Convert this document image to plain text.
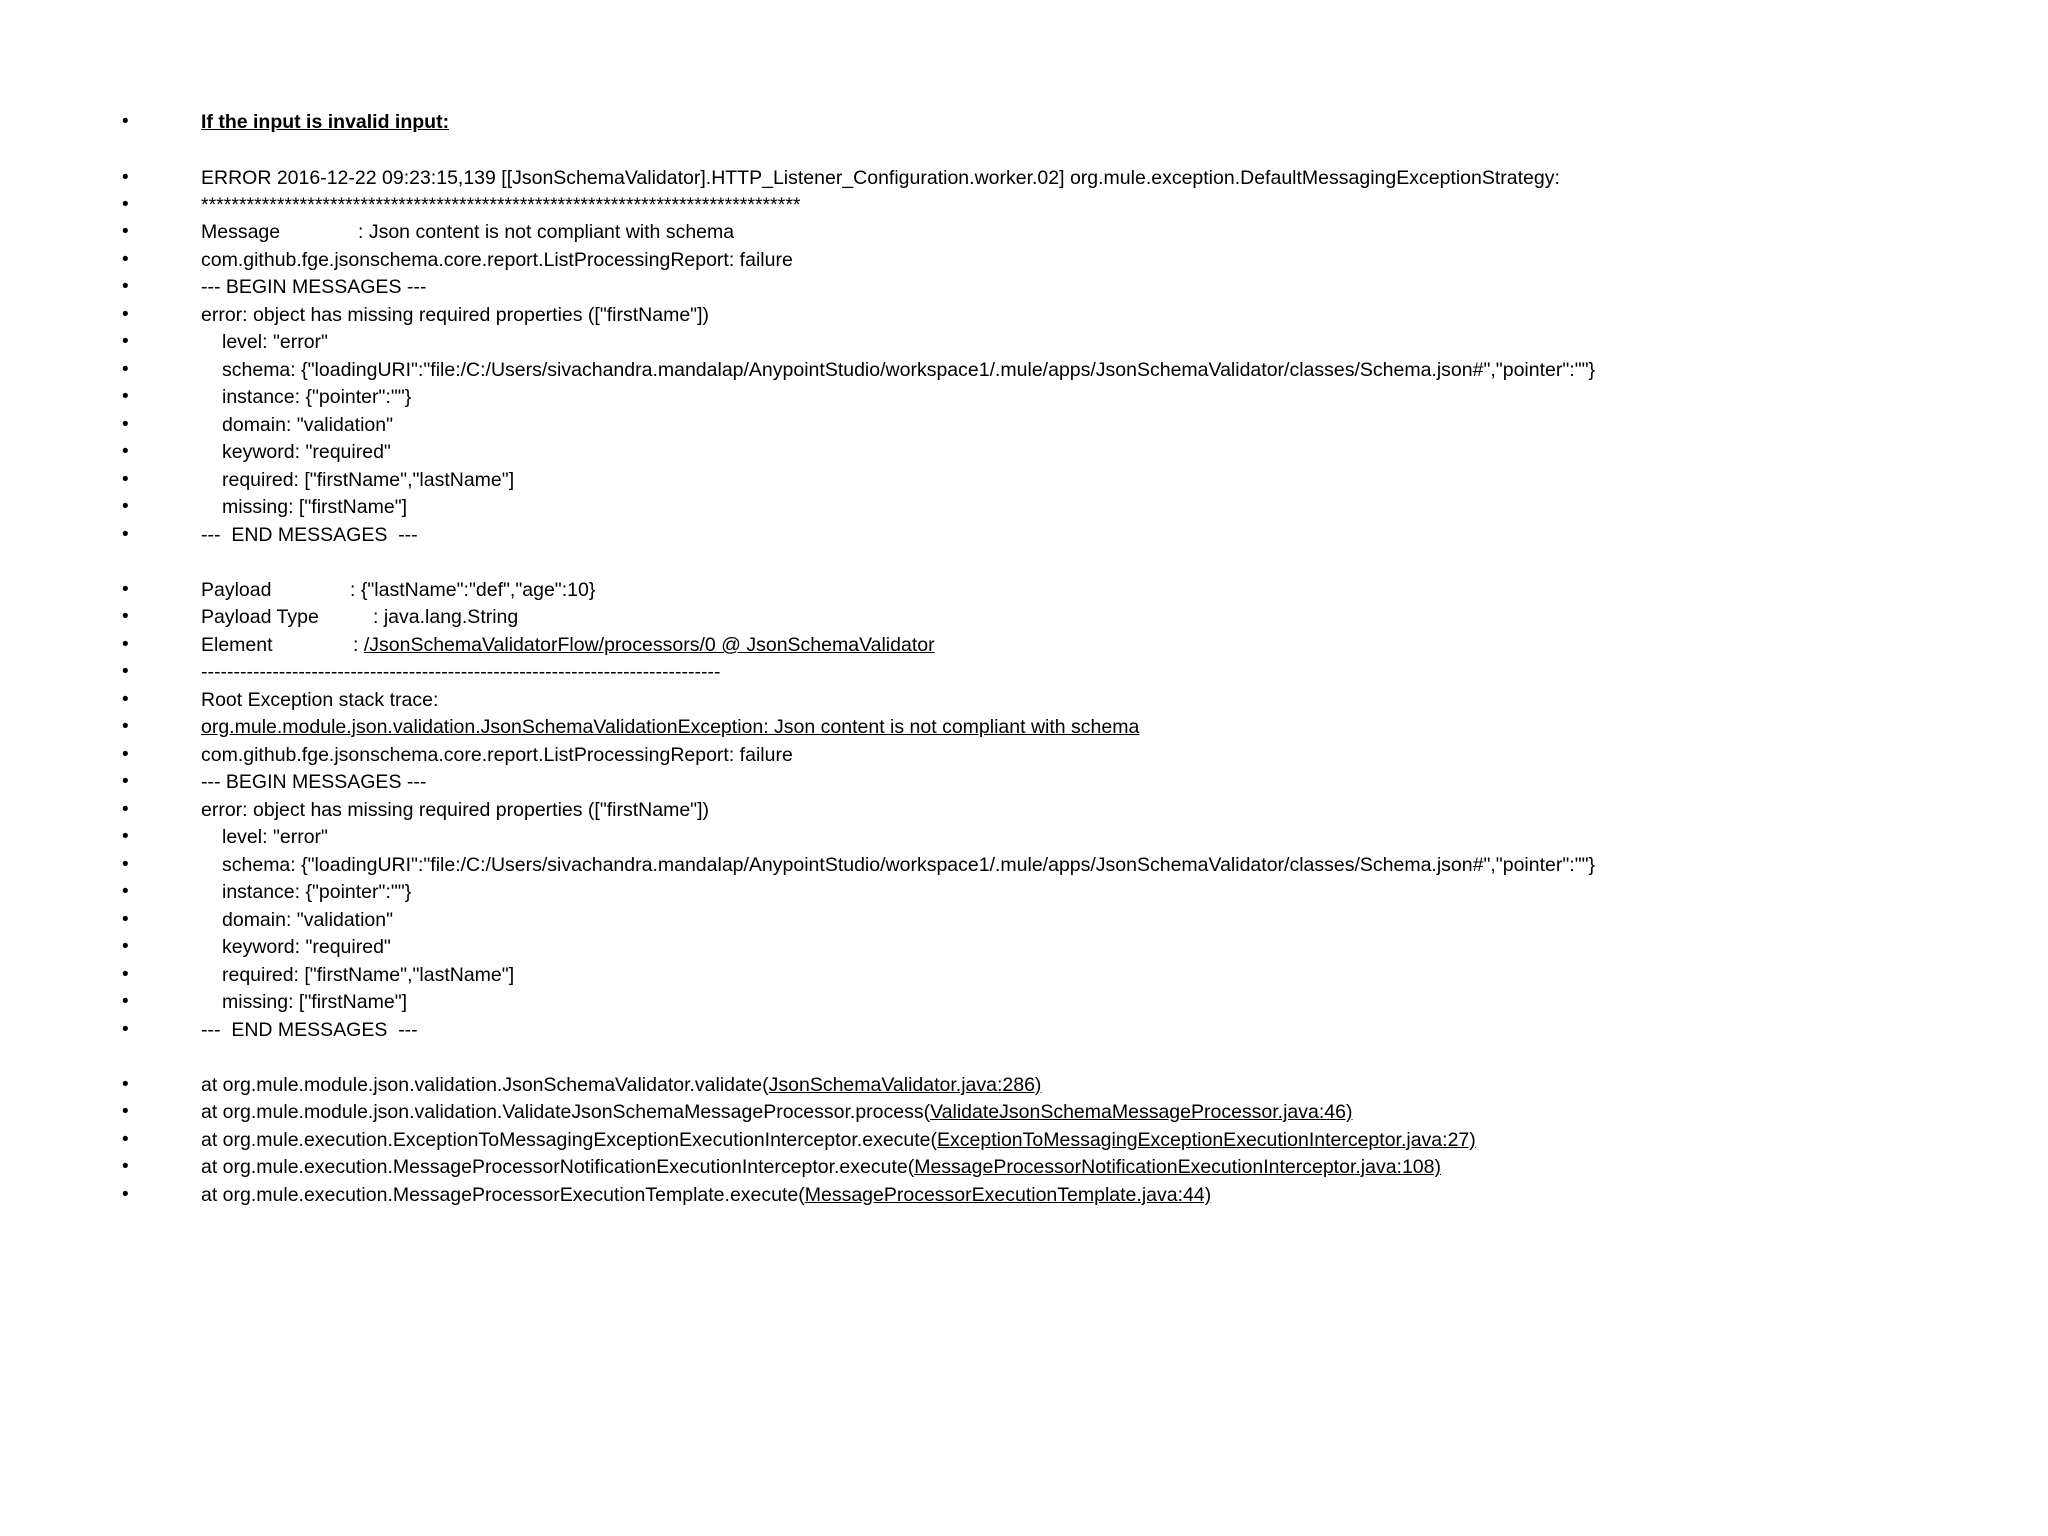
•

	If the input is invalid input:

•

	ERROR 2016-12-22 09:23:15,139 [[JsonSchemaValidator].HTTP_Listener_Configuration.worker.02] org.mule.exception.DefaultMessagingExceptionStrategy:

•

	*******************************************************************************

•

	Message

	: Json content is not compliant with schema

•

	com.github.fge.jsonschema.core.report.ListProcessingReport: failure

•

	--- BEGIN MESSAGES ---

•

	error: object has missing required properties (["firstName"])

•

	level: "error"

•

	schema: {"loadingURI":"file:/C:/Users/sivachandra.mandalap/AnypointStudio/workspace1/.mule/apps/JsonSchemaValidator/classes/Schema.json#","pointer":""}

•

	instance: {"pointer":""}

•

	domain: "validation"

•

	keyword: "required"

•

	required: ["firstName","lastName"]

•

	missing: ["firstName"]

•

	---  END MESSAGES  ---

•

	Payload

	: {"lastName":"def","age":10}

•

	Payload Type

	: java.lang.String

•

	Element

	: /JsonSchemaValidatorFlow/processors/0 @ JsonSchemaValidator

•

	--------------------------------------------------------------------------------

•

	Root Exception stack trace:

•

	org.mule.module.json.validation.JsonSchemaValidationException: Json content is not compliant with schema

•

	com.github.fge.jsonschema.core.report.ListProcessingReport: failure

•

	--- BEGIN MESSAGES ---

•

	error: object has missing required properties (["firstName"])

•

	level: "error"

•

	schema: {"loadingURI":"file:/C:/Users/sivachandra.mandalap/AnypointStudio/workspace1/.mule/apps/JsonSchemaValidator/classes/Schema.json#","pointer":""}

•

	instance: {"pointer":""}

•

	domain: "validation"

•

	keyword: "required"

•

	required: ["firstName","lastName"]

•

	missing: ["firstName"]

•

	---  END MESSAGES  ---

•

	at org.mule.module.json.validation.JsonSchemaValidator.validate(JsonSchemaValidator.java:286)

•

	at org.mule.module.json.validation.ValidateJsonSchemaMessageProcessor.process(ValidateJsonSchemaMessageProcessor.java:46)

•

	at org.mule.execution.ExceptionToMessagingExceptionExecutionInterceptor.execute(ExceptionToMessagingExceptionExecutionInterceptor.java:27)

•

	at org.mule.execution.MessageProcessorNotificationExecutionInterceptor.execute(MessageProcessorNotificationExecutionInterceptor.java:108)

•

	at org.mule.execution.MessageProcessorExecutionTemplate.execute(MessageProcessorExecutionTemplate.java:44)
